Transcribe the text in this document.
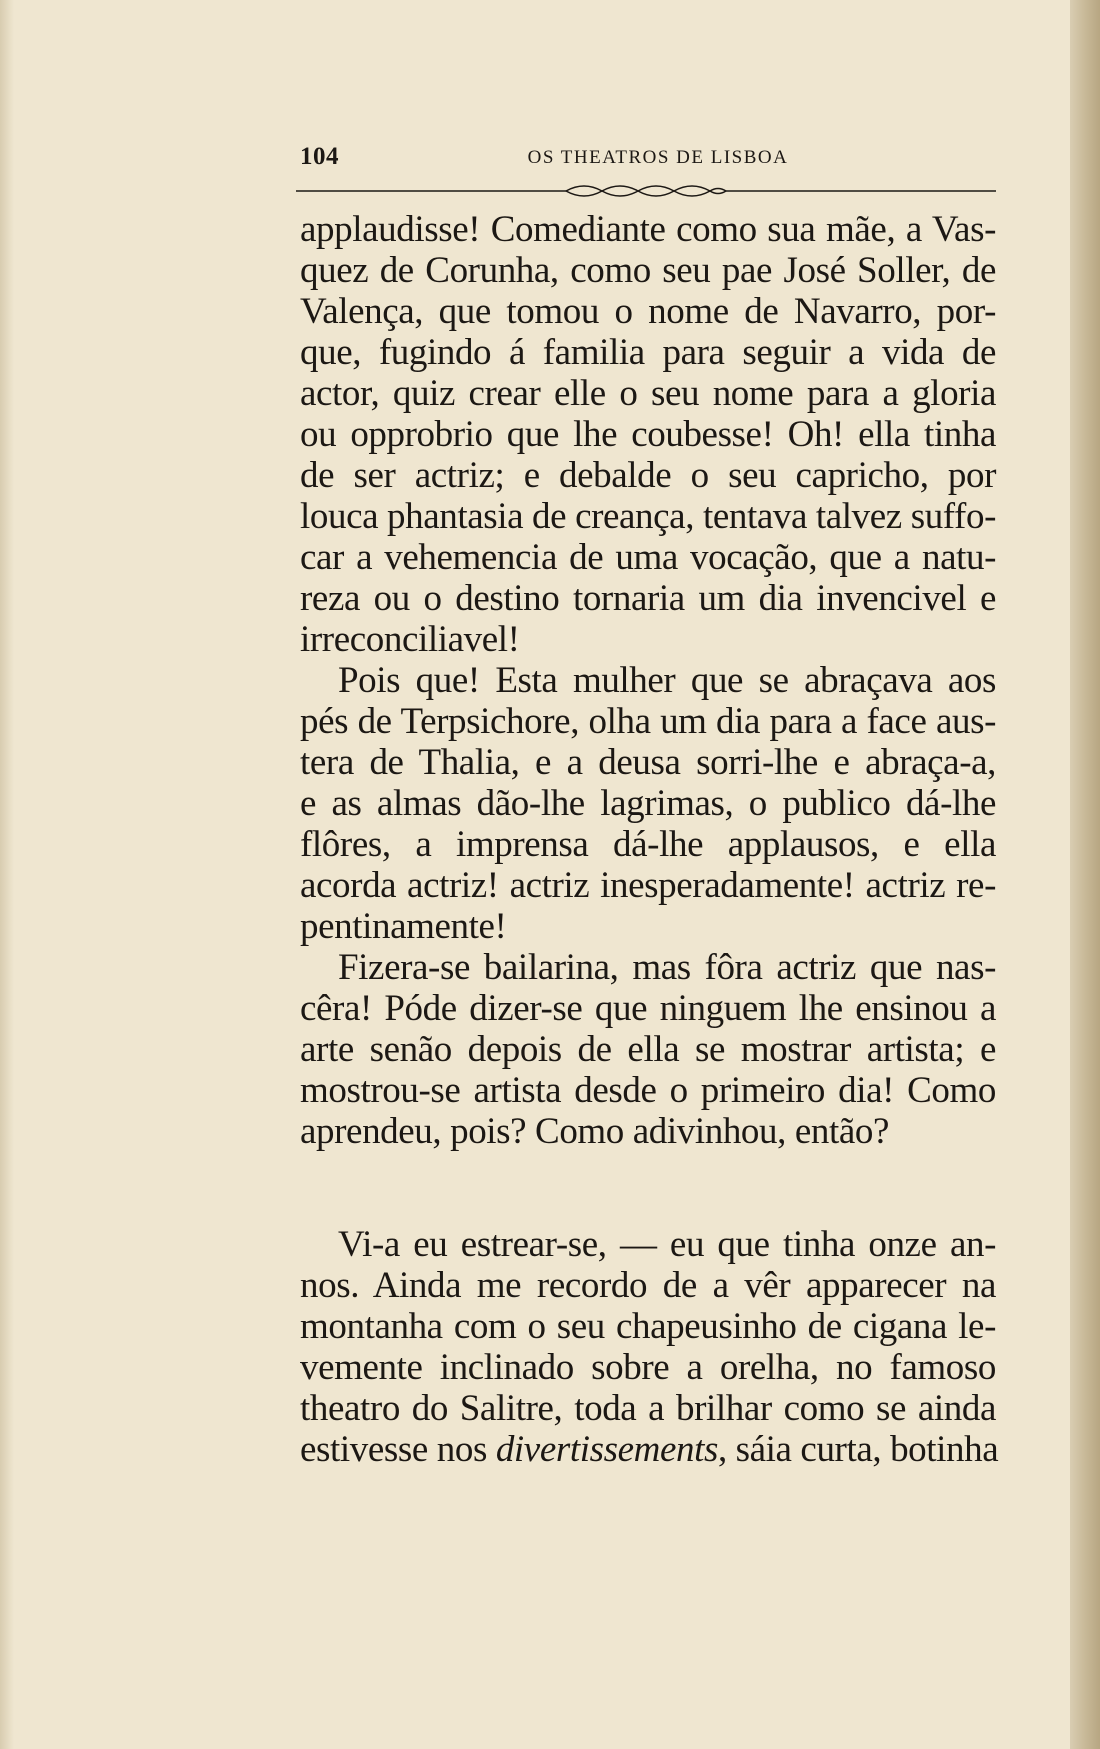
104	OS THEATROS DE LISBOA
applaudisse! Comediante como sua mãe, a Vas-
quez de Corunha, como seu pae José Soller, de
Valença, que tomou o nome de Navarro, por-
que, fugindo á familia para seguir a vida de
actor, quiz crear elle o seu nome para a gloria
ou opprobrio que lhe coubesse! Oh! ella tinha
de ser actriz; e debalde o seu capricho, por
louca phantasia de creança, tentava talvez suffo-
car a vehemencia de uma vocação, que a natu-
reza ou o destino tornaria um dia invencivel e
irreconciliavel!
Pois que! Esta mulher que se abraçava aos
pés de Terpsichore, olha um dia para a face aus-
tera de Thalia, e a deusa sorri-lhe e abraça-a,
e as almas dão-lhe lagrimas, o publico dá-lhe
flôres, a imprensa dá-lhe applausos, e ella
acorda actriz! actriz inesperadamente! actriz re-
pentinamente!
Fizera-se bailarina, mas fôra actriz que nas-
cêra! Póde dizer-se que ninguem lhe ensinou a
arte senão depois de ella se mostrar artista; e
mostrou-se artista desde o primeiro dia! Como
aprendeu, pois? Como adivinhou, então?
Vi-a eu estrear-se, — eu que tinha onze an-
nos. Ainda me recordo de a vêr apparecer na
montanha com o seu chapeusinho de cigana le-
vemente inclinado sobre a orelha, no famoso
theatro do Salitre, toda a brilhar como se ainda
estivesse nos divertissements, sáia curta, botinha
